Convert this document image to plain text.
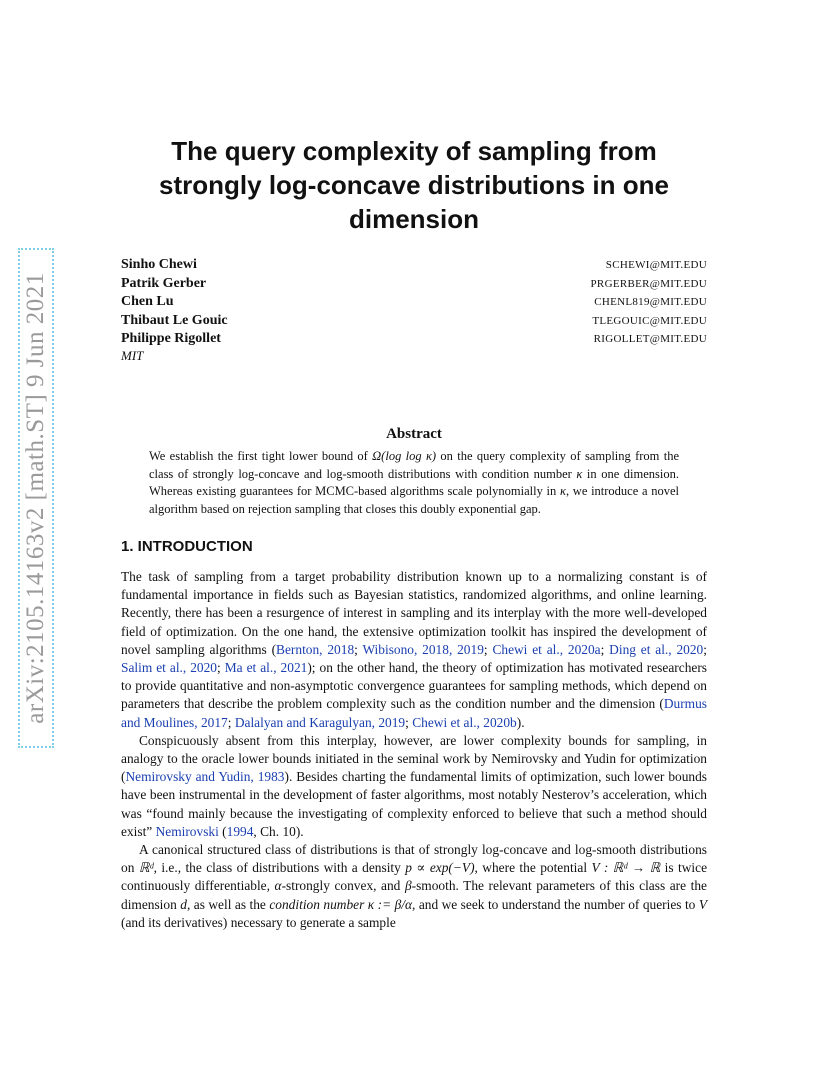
arXiv:2105.14163v2 [math.ST] 9 Jun 2021
The query complexity of sampling from strongly log-concave distributions in one dimension
Sinho Chewi	SCHEWI@MIT.EDU
Patrik Gerber	PRGERBER@MIT.EDU
Chen Lu	CHENL819@MIT.EDU
Thibaut Le Gouic	TLEGOUIC@MIT.EDU
Philippe Rigollet	RIGOLLET@MIT.EDU
MIT
Abstract
We establish the first tight lower bound of Ω(log log κ) on the query complexity of sampling from the class of strongly log-concave and log-smooth distributions with condition number κ in one dimension. Whereas existing guarantees for MCMC-based algorithms scale polynomially in κ, we introduce a novel algorithm based on rejection sampling that closes this doubly exponential gap.
1. INTRODUCTION

The task of sampling from a target probability distribution known up to a normalizing constant is of fundamental importance in fields such as Bayesian statistics, randomized algorithms, and online learning. Recently, there has been a resurgence of interest in sampling and its interplay with the more well-developed field of optimization. On the one hand, the extensive optimization toolkit has inspired the development of novel sampling algorithms (Bernton, 2018; Wibisono, 2018, 2019; Chewi et al., 2020a; Ding et al., 2020; Salim et al., 2020; Ma et al., 2021); on the other hand, the theory of optimization has motivated researchers to provide quantitative and non-asymptotic convergence guarantees for sampling methods, which depend on parameters that describe the problem complexity such as the condition number and the dimension (Durmus and Moulines, 2017; Dalalyan and Karagulyan, 2019; Chewi et al., 2020b).

Conspicuously absent from this interplay, however, are lower complexity bounds for sampling, in analogy to the oracle lower bounds initiated in the seminal work by Nemirovsky and Yudin for optimization (Nemirovsky and Yudin, 1983). Besides charting the fundamental limits of optimization, such lower bounds have been instrumental in the development of faster algorithms, most notably Nesterov’s acceleration, which was “found mainly because the investigating of complexity enforced to believe that such a method should exist” Nemirovski (1994, Ch. 10).

A canonical structured class of distributions is that of strongly log-concave and log-smooth distributions on ℝᵈ, i.e., the class of distributions with a density p ∝ exp(−V), where the potential V : ℝᵈ → ℝ is twice continuously differentiable, α-strongly convex, and β-smooth. The relevant parameters of this class are the dimension d, as well as the condition number κ := β/α, and we seek to understand the number of queries to V (and its derivatives) necessary to generate a sample
